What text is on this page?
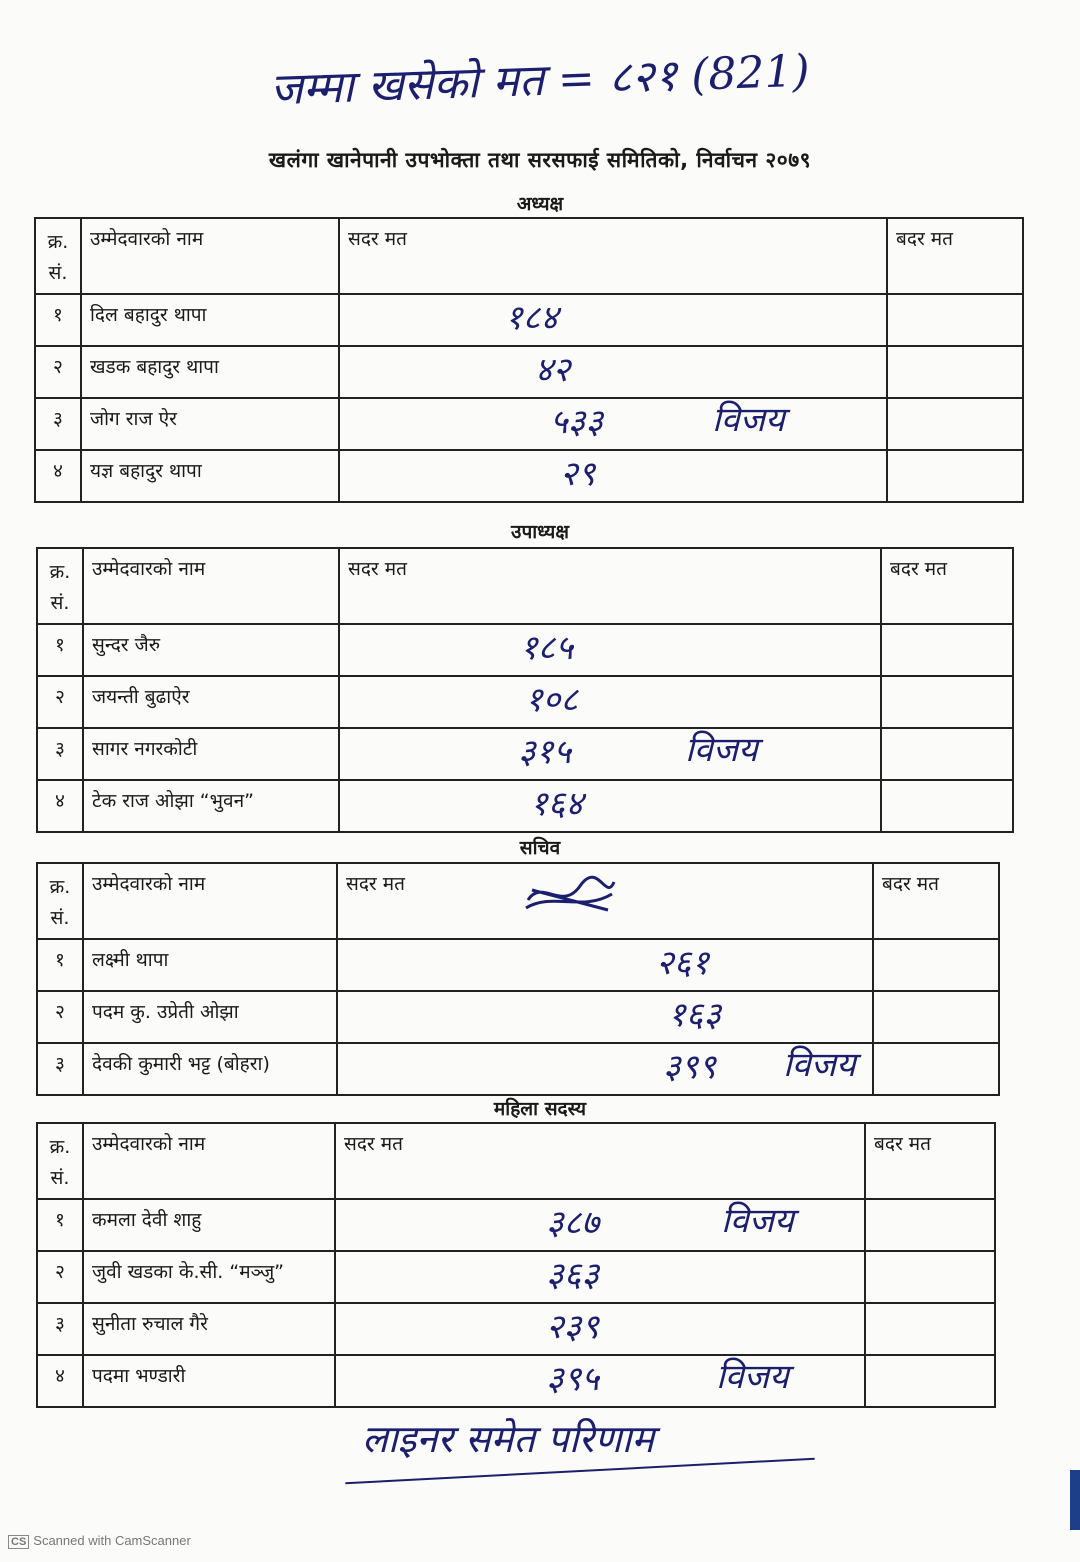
जम्मा खसेको मत = ८२१ (821)
खलंगा खानेपानी उपभोक्ता तथा सरसफाई समितिको, निर्वाचन २०७९
अध्यक्ष
क्र.
सं.	उम्मेदवारको नाम	सदर मत	बदर मत
१	दिल बहादुर थापा	१८४	

२	खडक बहादुर थापा	४२	

३	जोग राज ऐर	५३३ विजय	

४	यज्ञ बहादुर थापा	२९	

उपाध्यक्ष
क्र.
सं.	उम्मेदवारको नाम	सदर मत	बदर मत
१	सुन्दर जैरु	१८५	

२	जयन्ती बुढाऐर	१०८	

३	सागर नगरकोटी	३१५ विजय	

४	टेक राज ओझा “भुवन”	१६४	

सचिव
क्र.
सं.	उम्मेदवारको नाम	सदर मत	बदर मत
१	लक्ष्मी थापा	२६१	

२	पदम कु. उप्रेती ओझा	१६३	

३	देवकी कुमारी भट्ट (बोहरा)	३९९ विजय	

महिला सदस्य
क्र.
सं.	उम्मेदवारको नाम	सदर मत	बदर मत
१	कमला देवी शाहु	३८७ विजय	

२	जुवी खडका के.सी. “मञ्जु”	३६३	

३	सुनीता रुचाल गैरे	२३९	

४	पदमा भण्डारी	३९५ विजय	

लाइनर समेत परिणाम
CS Scanned with CamScanner
